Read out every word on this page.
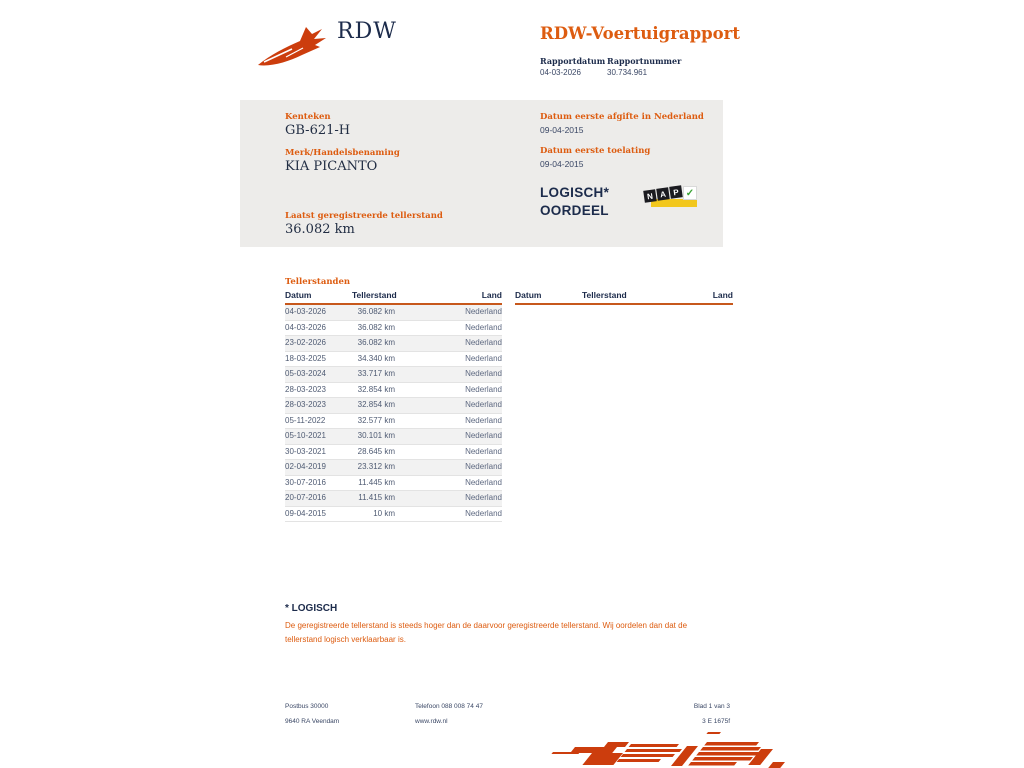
RDW	RDW-Voertuigrapport
Rapportdatum Rapportnummer
04-03-2026	30.734.961
Kenteken
GB-621-H
Merk/Handelsbenaming
KIA PICANTO
Laatst geregistreerde tellerstand
36.082 km
Datum eerste afgifte in Nederland
09-04-2015
Datum eerste toelating
09-04-2015
LOGISCH*
OORDEEL
N A P ✓
Tellerstanden
Datum	Tellerstand	Land
04-03-2026	36.082 km	Nederland
04-03-2026	36.082 km	Nederland
23-02-2026	36.082 km	Nederland
18-03-2025	34.340 km	Nederland
05-03-2024	33.717 km	Nederland
28-03-2023	32.854 km	Nederland
28-03-2023	32.854 km	Nederland
05-11-2022	32.577 km	Nederland
05-10-2021	30.101 km	Nederland
30-03-2021	28.645 km	Nederland
02-04-2019	23.312 km	Nederland
30-07-2016	11.445 km	Nederland
20-07-2016	11.415 km	Nederland
09-04-2015	10 km	Nederland
Datum	Tellerstand	Land
* LOGISCH
De geregistreerde tellerstand is steeds hoger dan de daarvoor geregistreerde tellerstand. Wij oordelen dan dat de tellerstand logisch verklaarbaar is.
Postbus 30000
9640 RA Veendam
Telefoon 088 008 74 47
www.rdw.nl
Blad 1 van 3
3 E 1675f
